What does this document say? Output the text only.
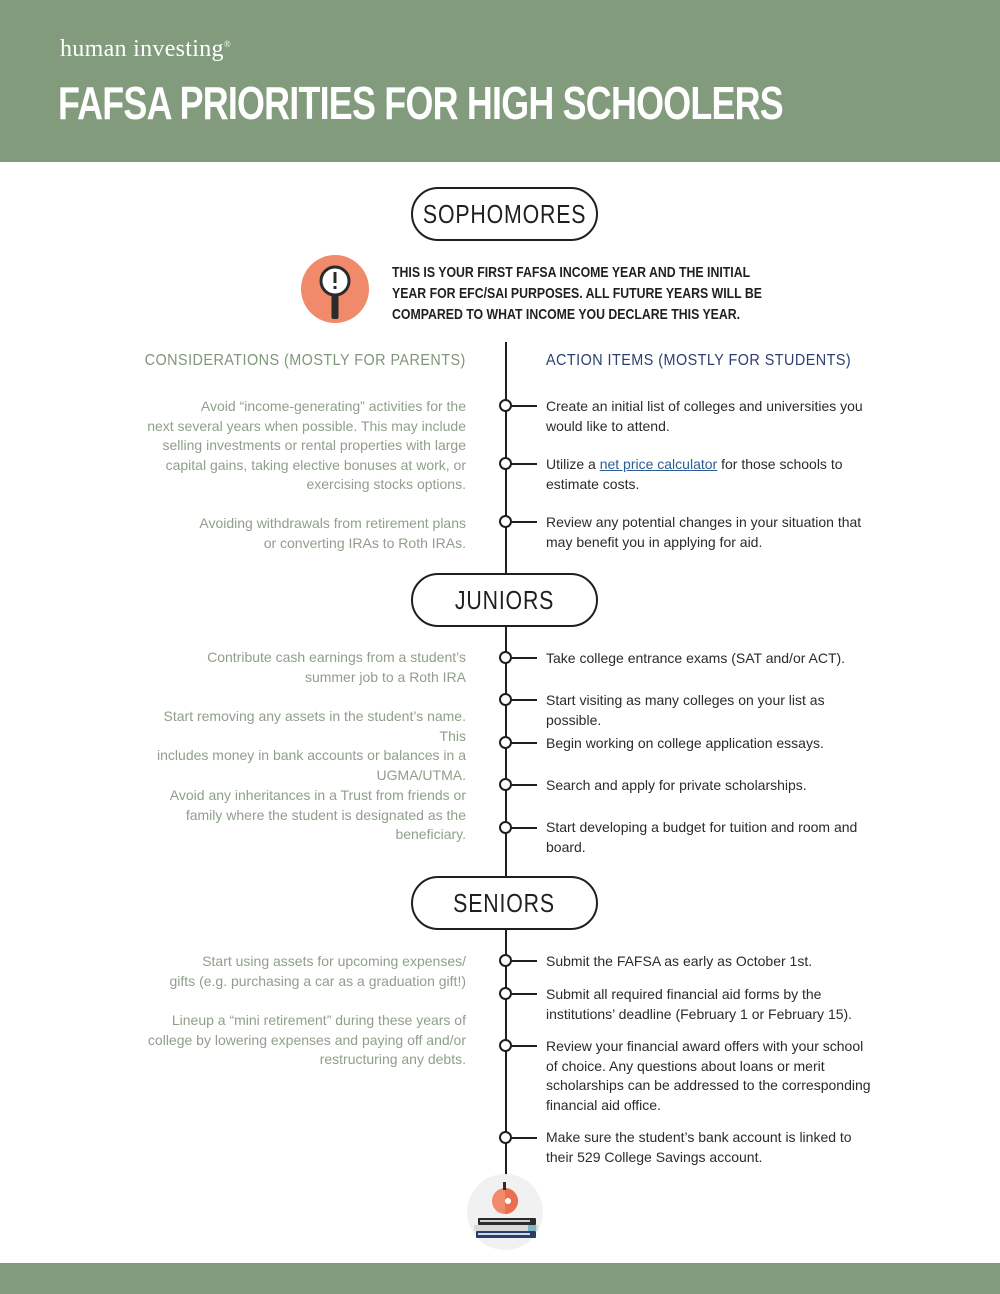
human investing®
FAFSA PRIORITIES FOR HIGH SCHOOLERS
SOPHOMORES
THIS IS YOUR FIRST FAFSA INCOME YEAR AND THE INITIAL
YEAR FOR EFC/SAI PURPOSES. ALL FUTURE YEARS WILL BE
COMPARED TO WHAT INCOME YOU DECLARE THIS YEAR.
CONSIDERATIONS (MOSTLY FOR PARENTS)	ACTION ITEMS (MOSTLY FOR STUDENTS)
Avoid “income-generating” activities for the
next several years when possible. This may include
selling investments or rental properties with large
capital gains, taking elective bonuses at work, or
exercising stocks options.
Avoiding withdrawals from retirement plans
or converting IRAs to Roth IRAs.
Create an initial list of colleges and universities you
would like to attend.
Utilize a net price calculator for those schools to
estimate costs.
Review any potential changes in your situation that
may benefit you in applying for aid.
JUNIORS
Contribute cash earnings from a student’s
summer job to a Roth IRA
Start removing any assets in the student’s name. This
includes money in bank accounts or balances in a
UGMA/UTMA.
Avoid any inheritances in a Trust from friends or
family where the student is designated as the
beneficiary.
Take college entrance exams (SAT and/or ACT).
Start visiting as many colleges on your list as possible.
Begin working on college application essays.
Search and apply for private scholarships.
Start developing a budget for tuition and room and
board.
SENIORS
Start using assets for upcoming expenses/
gifts (e.g. purchasing a car as a graduation gift!)
Lineup a “mini retirement” during these years of
college by lowering expenses and paying off and/or
restructuring any debts.
Submit the FAFSA as early as October 1st.
Submit all required financial aid forms by the
institutions’ deadline (February 1 or February 15).
Review your financial award offers with your school
of choice. Any questions about loans or merit
scholarships can be addressed to the corresponding
financial aid office.
Make sure the student’s bank account is linked to
their 529 College Savings account.
